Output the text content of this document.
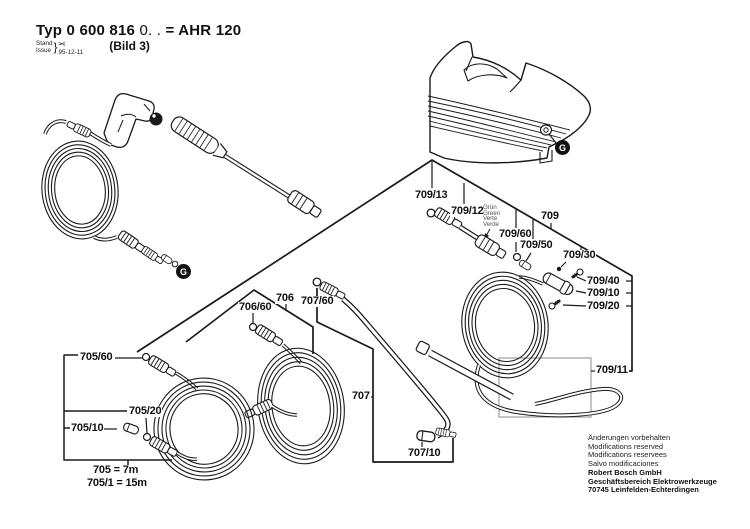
Typ 0 600 816 0. . = AHR 120
Stand
Issue } ✂
95-12-11 (Bild 3)
709/13
709/12	709
709/60
709/50
709/30
709/40
709/10
709/20
709/11
706/60
706 707/60
707
707/10
705/60
705/20
705/10
705 = 7m
705/1 = 15m
Grün
Green
Verte
Verde
G
G
Änderungen vorbehalten
Modifications reserved
Modifications reservees
Salvo modificaciones
Robert Bosch GmbH
Geschäftsbereich Elektrowerkzeuge
70745 Leinfelden-Echterdingen
